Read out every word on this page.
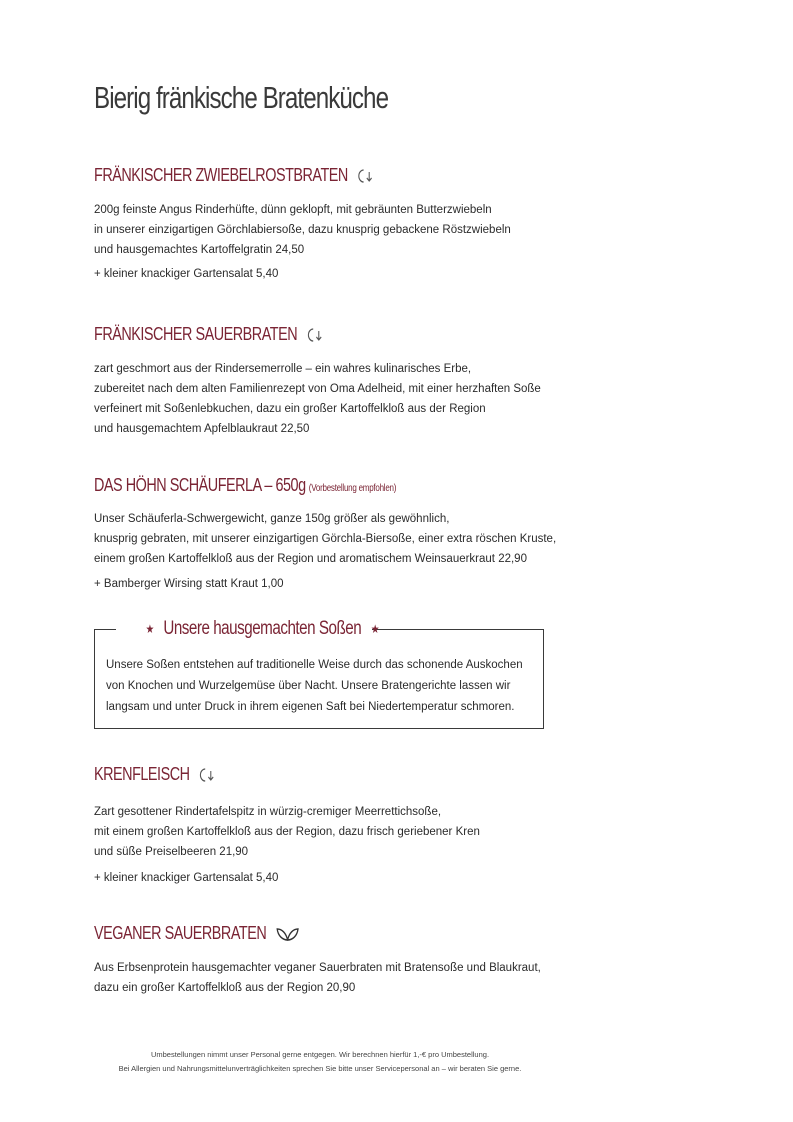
Bierig fränkische Bratenküche
FRÄNKISCHER ZWIEBELROSTBRATEN
200g feinste Angus Rinderhüfte, dünn geklopft, mit gebräunten Butterzwiebeln
in unserer einzigartigen Görchlabiersoße, dazu knusprig gebackene Röstzwiebeln
und hausgemachtes Kartoffelgratin 24,50
+ kleiner knackiger Gartensalat 5,40
FRÄNKISCHER SAUERBRATEN
zart geschmort aus der Rindersemerrolle – ein wahres kulinarisches Erbe,
zubereitet nach dem alten Familienrezept von Oma Adelheid, mit einer herzhaften Soße
verfeinert mit Soßenlebkuchen, dazu ein großer Kartoffelkloß aus der Region
und hausgemachtem Apfelblaukraut 22,50
DAS HÖHN SCHÄUFERLA – 650g (Vorbestellung empfohlen)
Unser Schäuferla-Schwergewicht, ganze 150g größer als gewöhnlich,
knusprig gebraten, mit unserer einzigartigen Görchla-Biersoße, einer extra röschen Kruste,
einem großen Kartoffelkloß aus der Region und aromatischem Weinsauerkraut 22,90
+ Bamberger Wirsing statt Kraut 1,00
★ Unsere hausgemachten Soßen ★
Unsere Soßen entstehen auf traditionelle Weise durch das schonende Auskochen
von Knochen und Wurzelgemüse über Nacht. Unsere Bratengerichte lassen wir
langsam und unter Druck in ihrem eigenen Saft bei Niedertemperatur schmoren.
KRENFLEISCH
Zart gesottener Rindertafelspitz in würzig-cremiger Meerrettichsoße,
mit einem großen Kartoffelkloß aus der Region, dazu frisch geriebener Kren
und süße Preiselbeeren 21,90
+ kleiner knackiger Gartensalat 5,40
VEGANER SAUERBRATEN
Aus Erbsenprotein hausgemachter veganer Sauerbraten mit Bratensoße und Blaukraut,
dazu ein großer Kartoffelkloß aus der Region 20,90
Umbestellungen nimmt unser Personal gerne entgegen. Wir berechnen hierfür 1,-€ pro Umbestellung.
Bei Allergien und Nahrungsmittelunverträglichkeiten sprechen Sie bitte unser Servicepersonal an – wir beraten Sie gerne.
